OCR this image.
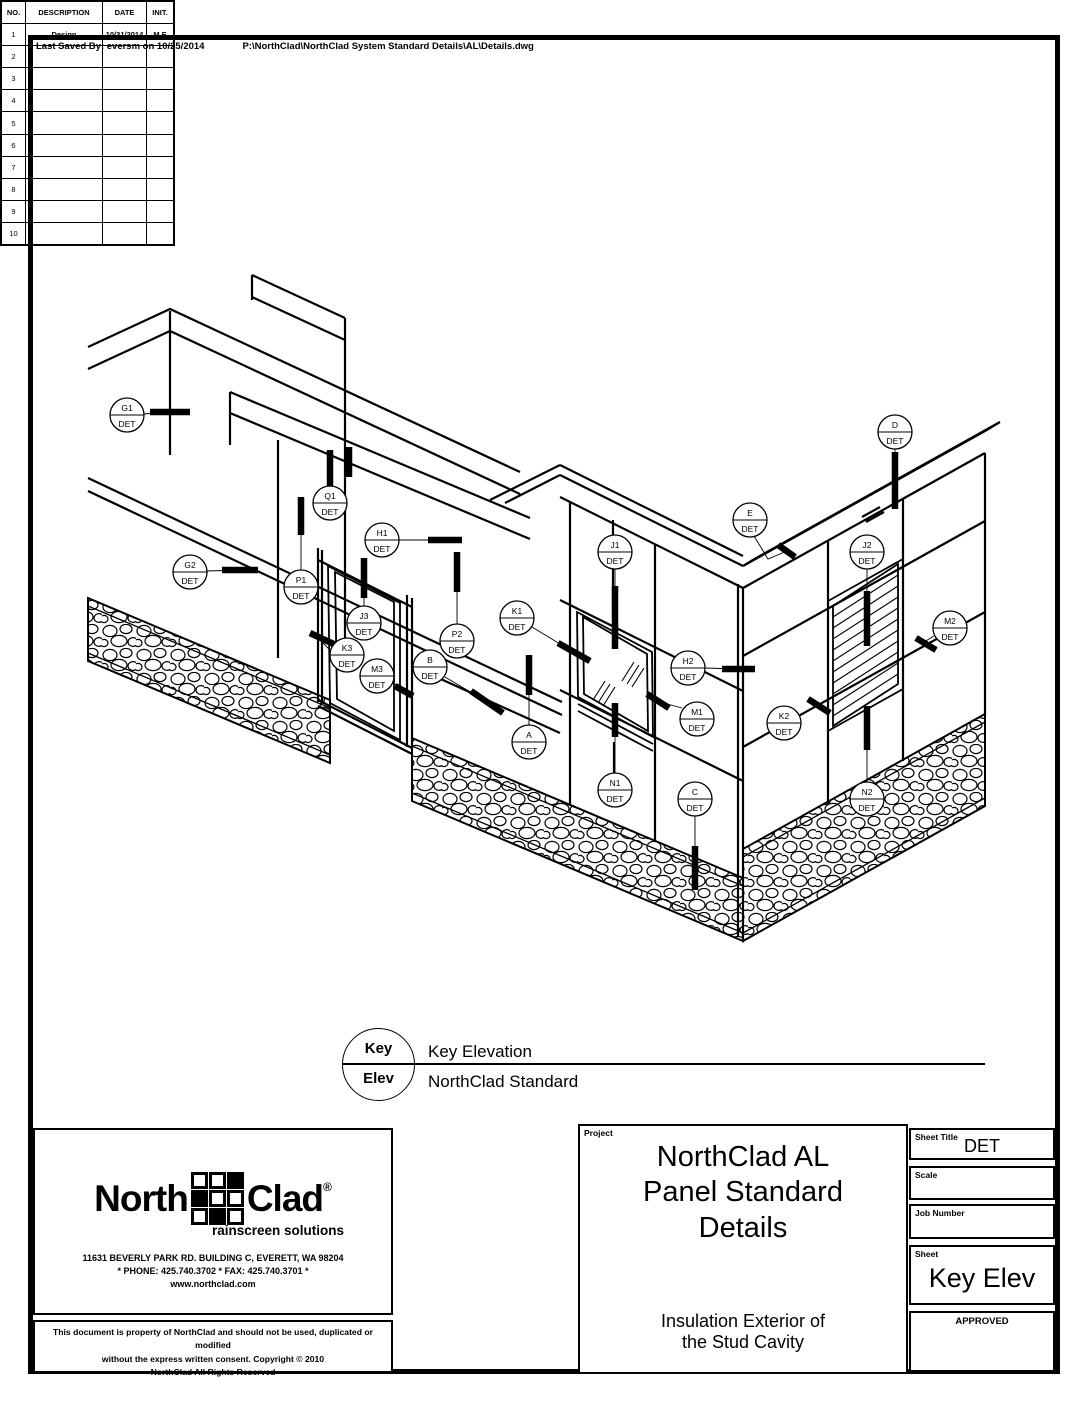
Last Saved By: eversm on 10/25/2014	P:\NorthClad\NorthClad System Standard Details\AL\Details.dwg
G1
DET
Q1
DET
H1
DET
G2
DET	P1
DET
K1
DET
J3
DET	P2
DET
K3
DET	B
DET
H2
DET
M3
DET
M1
DET
A
DET
N1
DET
C
DET
E
DET
D
DET
J1
DET
J2
DET
M2
DET
K2
DET
N2
DET
Key
Elev
Key Elevation
NorthClad Standard
North Clad ®
rainscreen solutions
11631 BEVERLY PARK RD. BUILDING C, EVERETT, WA 98204
* PHONE: 425.740.3702 * FAX: 425.740.3701 *
www.northclad.com
This document is property of NorthClad and should not be used, duplicated or modified
without the express written consent. Copyright © 2010
NorthClad All Rights Reserved
NO.	DESCRIPTION	DATE	INIT.
1	Design	10/31/2014	M E
2
3
4
5
6
7
8
9
10
Project
NorthClad AL
Panel Standard
Details
Insulation Exterior of
the Stud Cavity
Sheet Title DET
Scale
Job Number
Sheet
Key Elev
APPROVED
